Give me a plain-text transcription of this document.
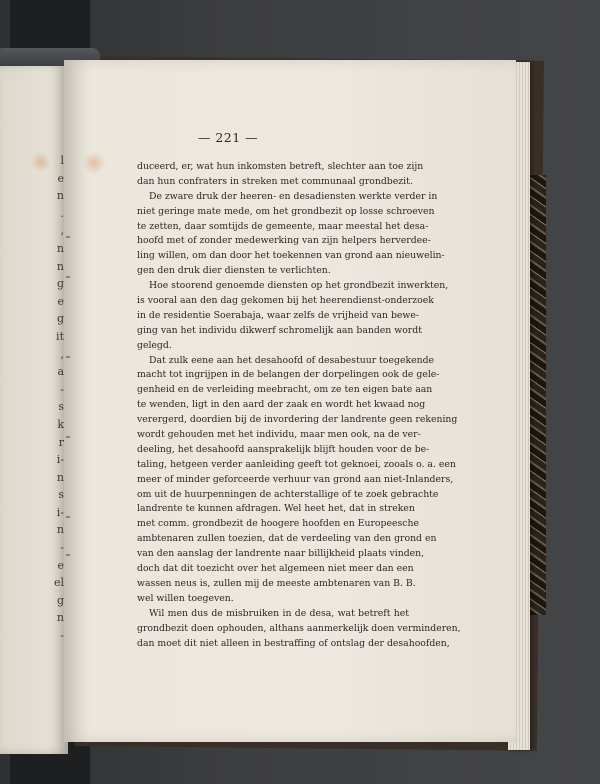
l
e
n
.
,
n
n
g
e
g
it
,
a
-
s
k
r
i-
n
s
i-
n
-
e
el
g
n
-
— 221 —
duceerd, er, wat hun inkomsten betreft, slechter aan toe zijn
dan hun confraters in streken met communaal grondbezit.
De zware druk der heeren- en desadiensten werkte verder in
niet geringe mate mede, om het grondbezit op losse schroeven
te zetten, daar somtijds de gemeente, maar meestal het desa-
hoofd met of zonder medewerking van zijn helpers herverdee-
ling willen, om dan door het toekennen van grond aan nieuwelin-
gen den druk dier diensten te verlichten.
Hoe stoorend genoemde diensten op het grondbezit inwerkten,
is vooral aan den dag gekomen bij het heerendienst-onderzoek
in de residentie Soerabaja, waar zelfs de vrijheid van bewe-
ging van het individu dikwerf schromelijk aan banden wordt
gelegd.
Dat zulk eene aan het desahoofd of desabestuur toegekende
macht tot ingrijpen in de belangen der dorpelingen ook de gele-
genheid en de verleiding meebracht, om ze ten eigen bate aan
te wenden, ligt in den aard der zaak en wordt het kwaad nog
verergerd, doordien bij de invordering der landrente geen rekening
wordt gehouden met het individu, maar men ook, na de ver-
deeling, het desahoofd aansprakelijk blijft houden voor de be-
taling, hetgeen verder aanleiding geeft tot geknoei, zooals o. a. een
meer of minder geforceerde verhuur van grond aan niet-Inlanders,
om uit de huurpenningen de achterstallige of te zoek gebrachte
landrente te kunnen afdragen. Wel heet het, dat in streken
met comm. grondbezit de hoogere hoofden en Europeesche
ambtenaren zullen toezien, dat de verdeeling van den grond en
van den aanslag der landrente naar billijkheid plaats vinden,
doch dat dit toezicht over het algemeen niet meer dan een
wassen neus is, zullen mij de meeste ambtenaren van B. B.
wel willen toegeven.
Wil men dus de misbruiken in de desa, wat betreft het
grondbezit doen ophouden, althans aanmerkelijk doen verminderen,
dan moet dit niet alleen in bestraffing of ontslag der desahoofden,
